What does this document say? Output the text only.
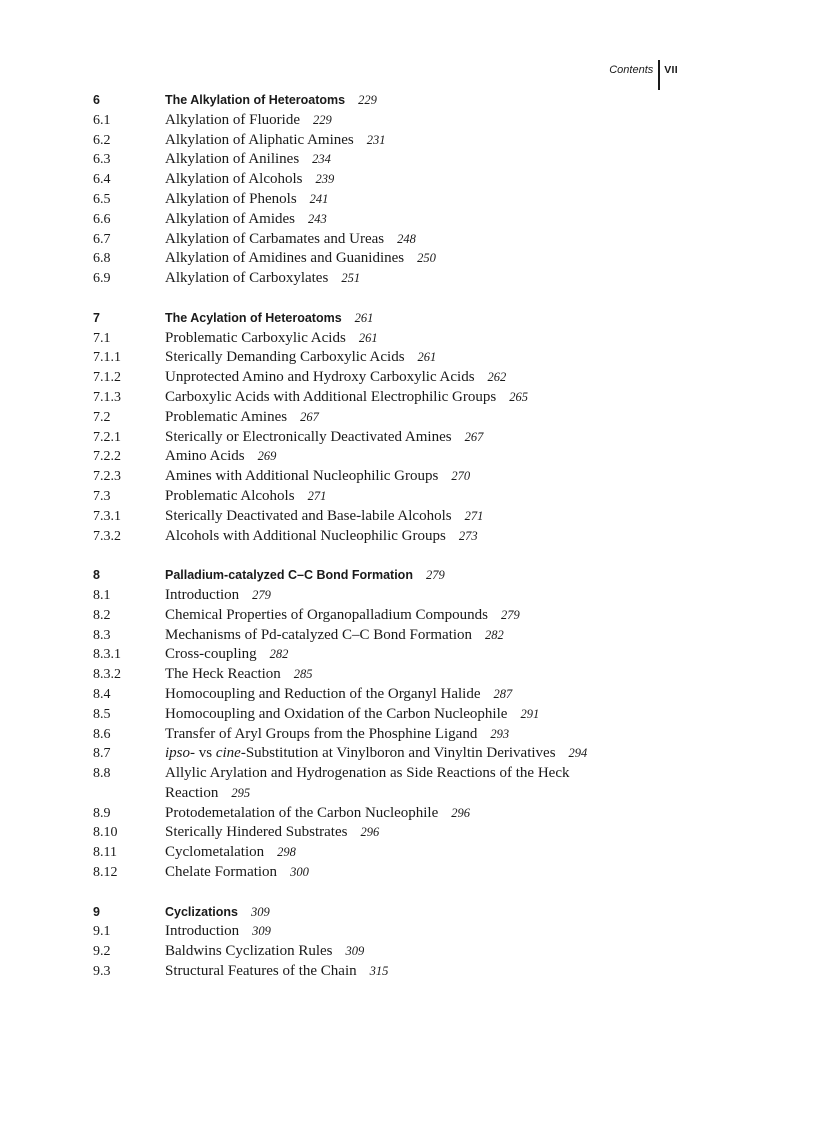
Contents	VII
6	The Alkylation of Heteroatoms 229
6.1	Alkylation of Fluoride 229
6.2	Alkylation of Aliphatic Amines 231
6.3	Alkylation of Anilines 234
6.4	Alkylation of Alcohols 239
6.5	Alkylation of Phenols 241
6.6	Alkylation of Amides 243
6.7	Alkylation of Carbamates and Ureas 248
6.8	Alkylation of Amidines and Guanidines 250
6.9	Alkylation of Carboxylates 251
7	The Acylation of Heteroatoms 261
7.1	Problematic Carboxylic Acids 261
7.1.1	Sterically Demanding Carboxylic Acids 261
7.1.2	Unprotected Amino and Hydroxy Carboxylic Acids 262
7.1.3	Carboxylic Acids with Additional Electrophilic Groups 265
7.2	Problematic Amines 267
7.2.1	Sterically or Electronically Deactivated Amines 267
7.2.2	Amino Acids 269
7.2.3	Amines with Additional Nucleophilic Groups 270
7.3	Problematic Alcohols 271
7.3.1	Sterically Deactivated and Base-labile Alcohols 271
7.3.2	Alcohols with Additional Nucleophilic Groups 273
8	Palladium-catalyzed C–C Bond Formation 279
8.1	Introduction 279
8.2	Chemical Properties of Organopalladium Compounds 279
8.3	Mechanisms of Pd-catalyzed C–C Bond Formation 282
8.3.1	Cross-coupling 282
8.3.2	The Heck Reaction 285
8.4	Homocoupling and Reduction of the Organyl Halide 287
8.5	Homocoupling and Oxidation of the Carbon Nucleophile 291
8.6	Transfer of Aryl Groups from the Phosphine Ligand 293
8.7	ipso- vs cine-Substitution at Vinylboron and Vinyltin Derivatives 294
8.8	Allylic Arylation and Hydrogenation as Side Reactions of the Heck
Reaction 295
8.9	Protodemetalation of the Carbon Nucleophile 296
8.10	Sterically Hindered Substrates 296
8.11	Cyclometalation 298
8.12	Chelate Formation 300
9	Cyclizations 309
9.1	Introduction 309
9.2	Baldwins Cyclization Rules 309
9.3	Structural Features of the Chain 315
